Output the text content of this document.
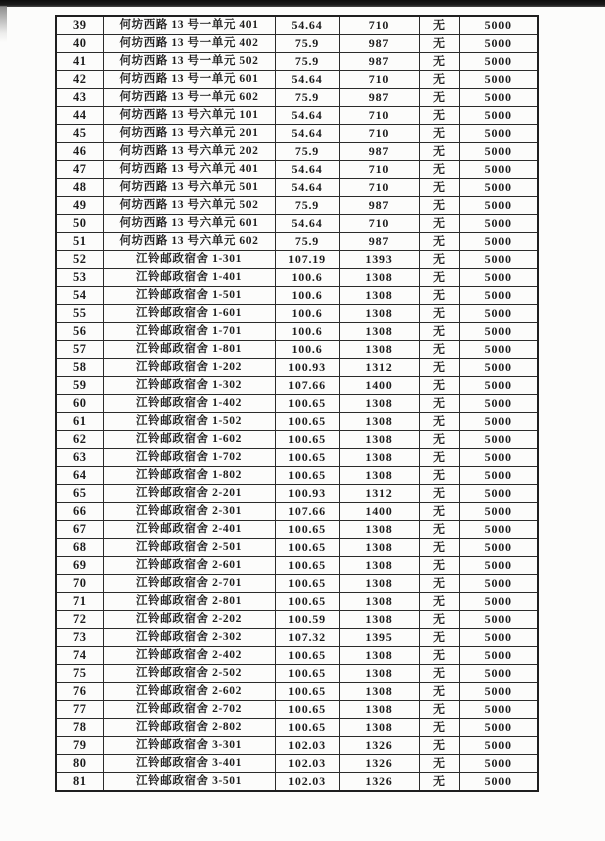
39	何坊西路 13 号一单元 401	54.64	710	无	5000
40	何坊西路 13 号一单元 402	75.9	987	无	5000
41	何坊西路 13 号一单元 502	75.9	987	无	5000
42	何坊西路 13 号一单元 601	54.64	710	无	5000
43	何坊西路 13 号一单元 602	75.9	987	无	5000
44	何坊西路 13 号六单元 101	54.64	710	无	5000
45	何坊西路 13 号六单元 201	54.64	710	无	5000
46	何坊西路 13 号六单元 202	75.9	987	无	5000
47	何坊西路 13 号六单元 401	54.64	710	无	5000
48	何坊西路 13 号六单元 501	54.64	710	无	5000
49	何坊西路 13 号六单元 502	75.9	987	无	5000
50	何坊西路 13 号六单元 601	54.64	710	无	5000
51	何坊西路 13 号六单元 602	75.9	987	无	5000
52	江铃邮政宿舍 1-301	107.19	1393	无	5000
53	江铃邮政宿舍 1-401	100.6	1308	无	5000
54	江铃邮政宿舍 1-501	100.6	1308	无	5000
55	江铃邮政宿舍 1-601	100.6	1308	无	5000
56	江铃邮政宿舍 1-701	100.6	1308	无	5000
57	江铃邮政宿舍 1-801	100.6	1308	无	5000
58	江铃邮政宿舍 1-202	100.93	1312	无	5000
59	江铃邮政宿舍 1-302	107.66	1400	无	5000
60	江铃邮政宿舍 1-402	100.65	1308	无	5000
61	江铃邮政宿舍 1-502	100.65	1308	无	5000
62	江铃邮政宿舍 1-602	100.65	1308	无	5000
63	江铃邮政宿舍 1-702	100.65	1308	无	5000
64	江铃邮政宿舍 1-802	100.65	1308	无	5000
65	江铃邮政宿舍 2-201	100.93	1312	无	5000
66	江铃邮政宿舍 2-301	107.66	1400	无	5000
67	江铃邮政宿舍 2-401	100.65	1308	无	5000
68	江铃邮政宿舍 2-501	100.65	1308	无	5000
69	江铃邮政宿舍 2-601	100.65	1308	无	5000
70	江铃邮政宿舍 2-701	100.65	1308	无	5000
71	江铃邮政宿舍 2-801	100.65	1308	无	5000
72	江铃邮政宿舍 2-202	100.59	1308	无	5000
73	江铃邮政宿舍 2-302	107.32	1395	无	5000
74	江铃邮政宿舍 2-402	100.65	1308	无	5000
75	江铃邮政宿舍 2-502	100.65	1308	无	5000
76	江铃邮政宿舍 2-602	100.65	1308	无	5000
77	江铃邮政宿舍 2-702	100.65	1308	无	5000
78	江铃邮政宿舍 2-802	100.65	1308	无	5000
79	江铃邮政宿舍 3-301	102.03	1326	无	5000
80	江铃邮政宿舍 3-401	102.03	1326	无	5000
81	江铃邮政宿舍 3-501	102.03	1326	无	5000
